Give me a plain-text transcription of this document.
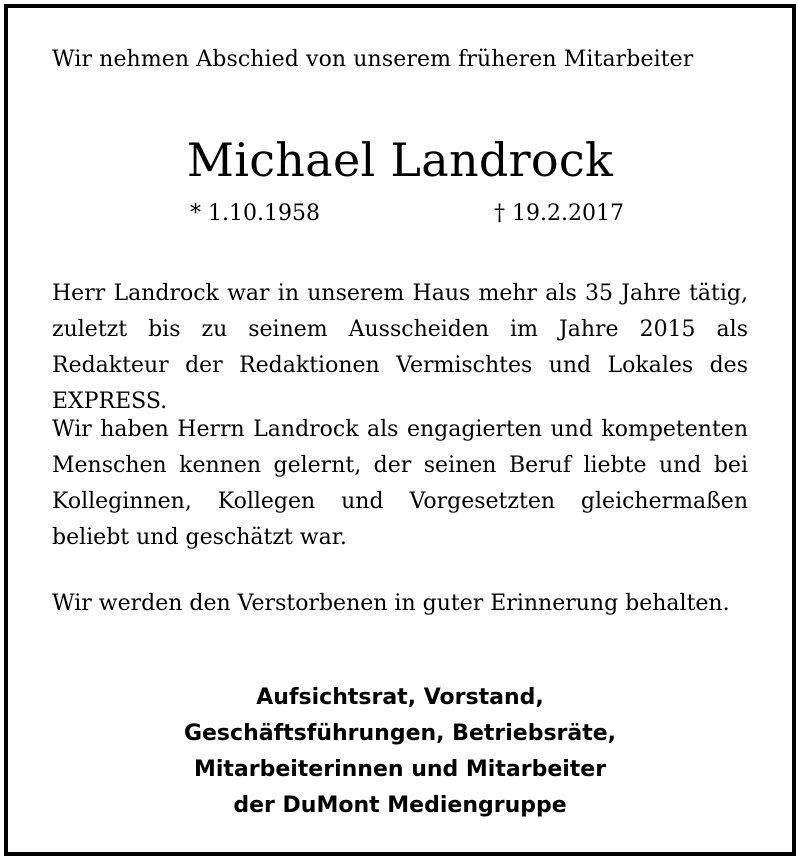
Wir nehmen Abschied von unserem früheren Mitarbeiter
Michael Landrock
* 1.10.1958	† 19.2.2017

Herr Landrock war in unserem Haus mehr als 35 Jahre tätig, zuletzt bis zu seinem Ausscheiden im Jahre 2015 als Redakteur der Redaktionen Vermischtes und Lokales des EXPRESS.

Wir haben Herrn Landrock als engagierten und kompetenten Menschen kennen gelernt, der seinen Beruf liebte und bei Kolleginnen, Kollegen und Vorgesetzten gleichermaßen beliebt und geschätzt war.

Wir werden den Verstorbenen in guter Erinnerung behalten.

Aufsichtsrat, Vorstand,
Geschäftsführungen, Betriebsräte,
Mitarbeiterinnen und Mitarbeiter
der DuMont Mediengruppe
